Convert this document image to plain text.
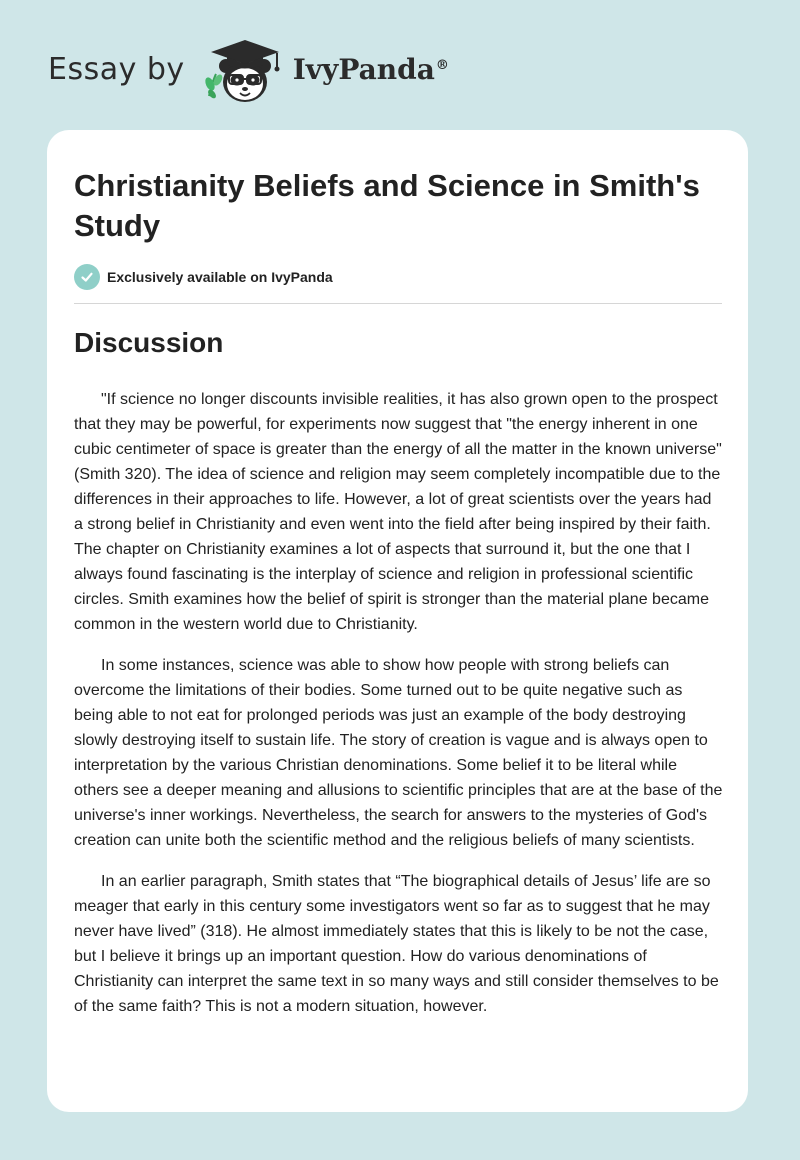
Essay by	IvyPanda®
Christianity Beliefs and Science in Smith's Study
Exclusively available on IvyPanda
Discussion

"If science no longer discounts invisible realities, it has also grown open to the prospect that they may be powerful, for experiments now suggest that "the energy inherent in one cubic centimeter of space is greater than the energy of all the matter in the known universe" (Smith 320). The idea of science and religion may seem completely incompatible due to the differences in their approaches to life. However, a lot of great scientists over the years had a strong belief in Christianity and even went into the field after being inspired by their faith. The chapter on Christianity examines a lot of aspects that surround it, but the one that I always found fascinating is the interplay of science and religion in professional scientific circles. Smith examines how the belief of spirit is stronger than the material plane became common in the western world due to Christianity.

In some instances, science was able to show how people with strong beliefs can overcome the limitations of their bodies. Some turned out to be quite negative such as being able to not eat for prolonged periods was just an example of the body destroying slowly destroying itself to sustain life. The story of creation is vague and is always open to interpretation by the various Christian denominations. Some belief it to be literal while others see a deeper meaning and allusions to scientific principles that are at the base of the universe's inner workings. Nevertheless, the search for answers to the mysteries of God's creation can unite both the scientific method and the religious beliefs of many scientists.

In an earlier paragraph, Smith states that “The biographical details of Jesus’ life are so meager that early in this century some investigators went so far as to suggest that he may never have lived” (318). He almost immediately states that this is likely to be not the case, but I believe it brings up an important question. How do various denominations of Christianity can interpret the same text in so many ways and still consider themselves to be of the same faith? This is not a modern situation, however.
